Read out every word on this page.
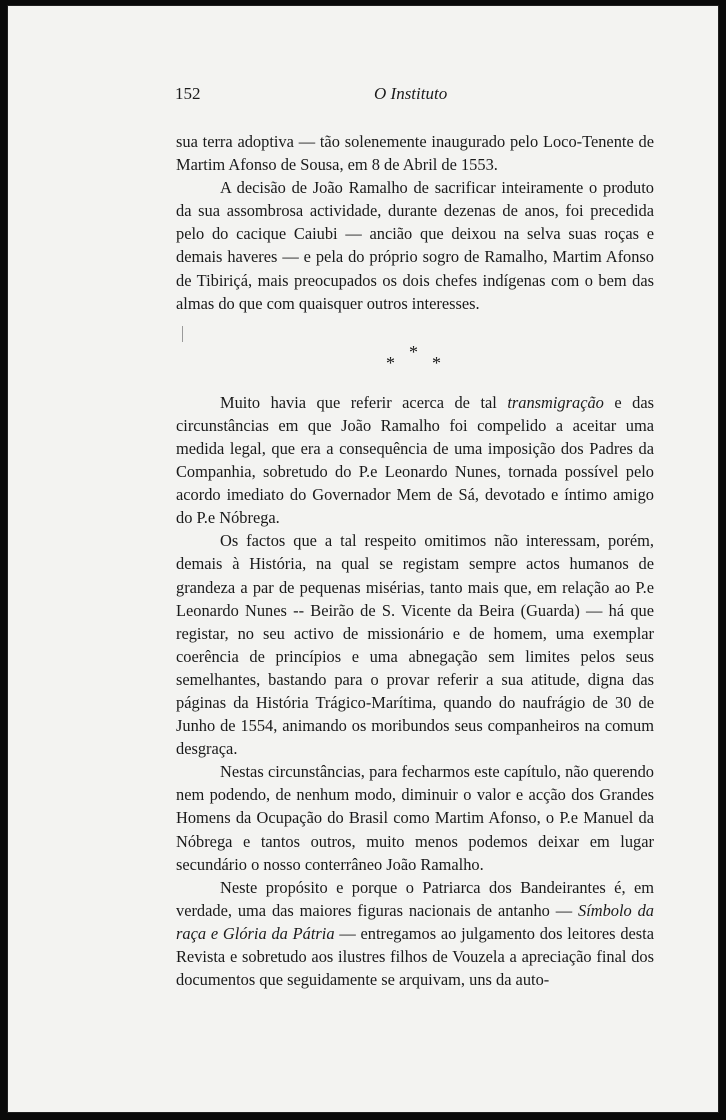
152	O Instituto

sua terra adoptiva — tão solenemente inaugurado pelo Loco-Tenente de Martim Afonso de Sousa, em 8 de Abril de 1553.

A decisão de João Ramalho de sacrificar inteiramente o produto da sua assombrosa actividade, durante dezenas de anos, foi precedida pelo do cacique Caiubi — ancião que deixou na selva suas roças e demais haveres — e pela do próprio sogro de Ramalho, Martim Afonso de Tibiriçá, mais preocupados os dois chefes indígenas com o bem das almas do que com quaisquer outros interesses.

*
*
*

Muito havia que referir acerca de tal transmigração e das circunstâncias em que João Ramalho foi compelido a aceitar uma medida legal, que era a consequência de uma imposição dos Padres da Companhia, sobretudo do P.e Leonardo Nunes, tornada possível pelo acordo imediato do Governador Mem de Sá, devotado e íntimo amigo do P.e Nóbrega.

Os factos que a tal respeito omitimos não interessam, porém, demais à História, na qual se registam sempre actos humanos de grandeza a par de pequenas misérias, tanto mais que, em relação ao P.e Leonardo Nunes -- Beirão de S. Vicente da Beira (Guarda) — há que registar, no seu activo de missionário e de homem, uma exemplar coerência de princípios e uma abnegação sem limites pelos seus semelhantes, bastando para o provar referir a sua atitude, digna das páginas da História Trágico-Marítima, quando do naufrágio de 30 de Junho de 1554, animando os moribundos seus companheiros na comum desgraça.

Nestas circunstâncias, para fecharmos este capítulo, não querendo nem podendo, de nenhum modo, diminuir o valor e acção dos Grandes Homens da Ocupação do Brasil como Martim Afonso, o P.e Manuel da Nóbrega e tantos outros, muito menos podemos deixar em lugar secundário o nosso conterrâneo João Ramalho.

Neste propósito e porque o Patriarca dos Bandeirantes é, em verdade, uma das maiores figuras nacionais de antanho — Símbolo da raça e Glória da Pátria — entregamos ao julgamento dos leitores desta Revista e sobretudo aos ilustres filhos de Vouzela a apreciação final dos documentos que seguidamente se arquivam, uns da auto-
